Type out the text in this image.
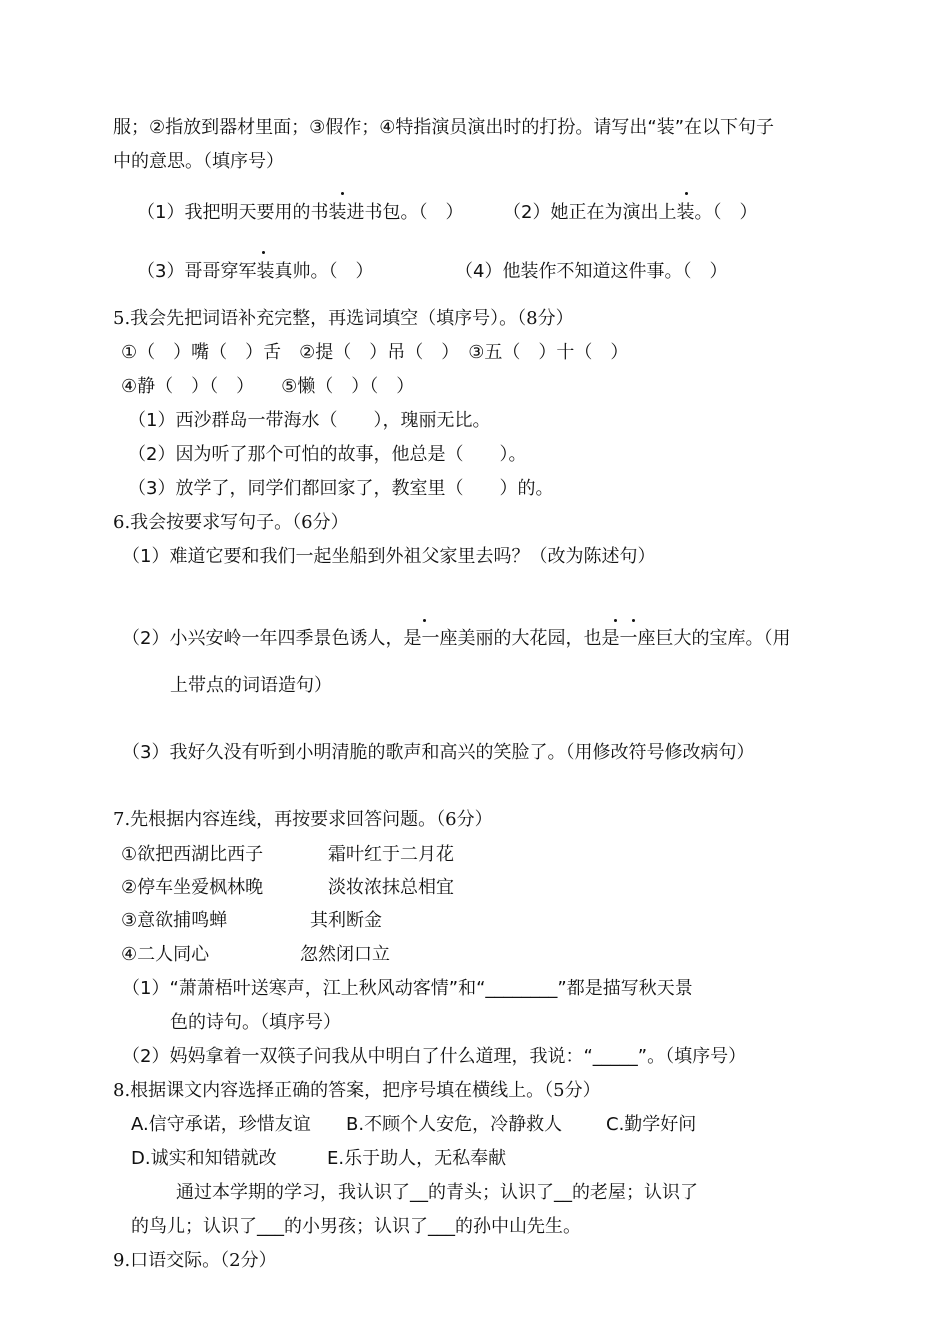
服；②指放到器材里面；③假作；④特指演员演出时的打扮。请写出“装”在以下句子
中的意思。（填序号）
（1）我把明天要用的书装进书包。（　） （2）她正在为演出上装。（　）
（3）哥哥穿军装真帅。（　）	（4）他装作不知道这件事。（　）
5.我会先把词语补充完整，再选词填空（填序号）。（8分）
①（　）嘴（　）舌　②提（　）吊（　）　③五（　）十（　）
④静（　）（　）　　⑤懒（　）（　）
（1）西沙群岛一带海水（　　），瑰丽无比。
（2）因为听了那个可怕的故事，他总是（　　）。
（3）放学了，同学们都回家了，教室里（　　）的。
6.我会按要求写句子。（6分）
（1）难道它要和我们一起坐船到外祖父家里去吗？（改为陈述句）
（2）小兴安岭一年四季景色诱人，是一座美丽的大花园，也是一座巨大的宝库。（用
上带点的词语造句）
（3）我好久没有听到小明清脆的歌声和高兴的笑脸了。（用修改符号修改病句）
7.先根据内容连线，再按要求回答问题。（6分）
①欲把西湖比西子	霜叶红于二月花
②停车坐爱枫林晚	淡妆浓抹总相宜
③意欲捕鸣蝉	其利断金
④二人同心	忽然闭口立
（1）“萧萧梧叶送寒声，江上秋风动客情”和“________”都是描写秋天景
色的诗句。（填序号）
（2）妈妈拿着一双筷子问我从中明白了什么道理，我说：“_____”。（填序号）
8.根据课文内容选择正确的答案，把序号填在横线上。（5分）
A.信守承诺，珍惜友谊 B.不顾个人安危，冷静救人 C.勤学好问
D.诚实和知错就改	E.乐于助人，无私奉献
通过本学期的学习，我认识了__的青头；认识了__的老屋；认识了
的鸟儿；认识了___的小男孩；认识了___的孙中山先生。
9.口语交际。（2分）
